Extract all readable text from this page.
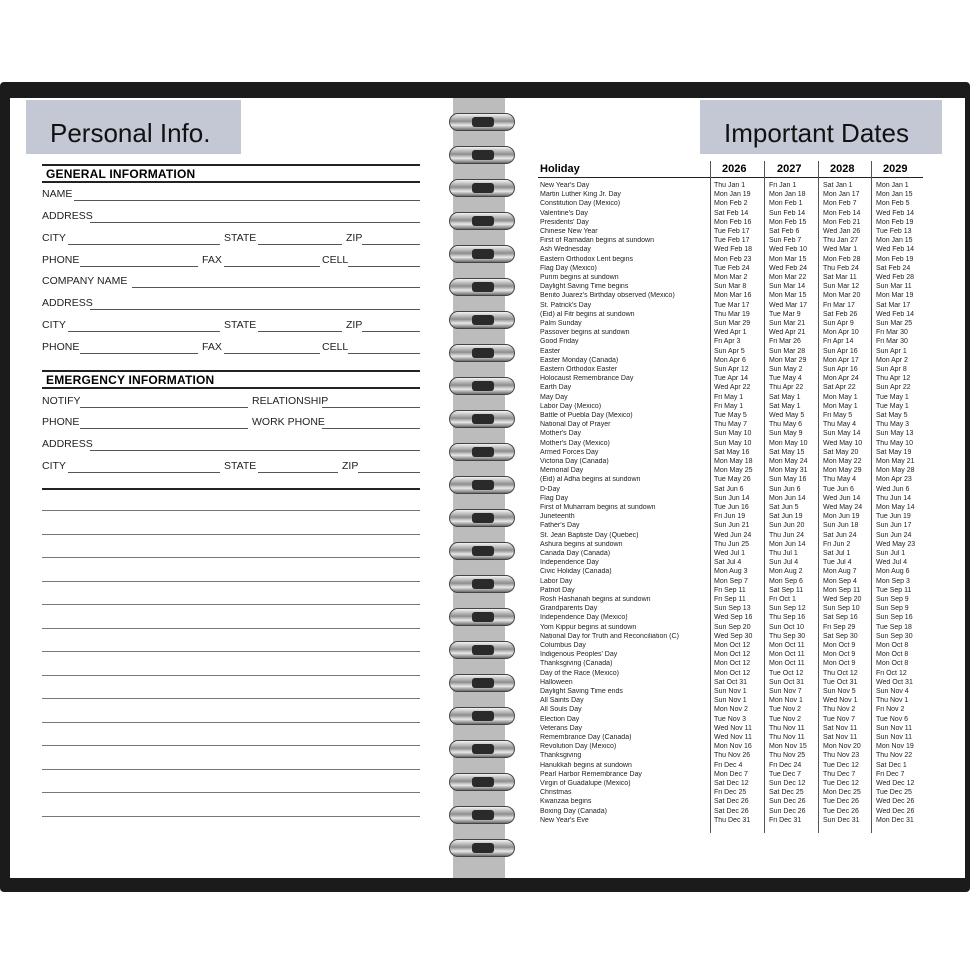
Personal Info.
GENERAL INFORMATION
NAME
ADDRESS
CITY	STATE	ZIP
PHONE	FAX	CELL
COMPANY NAME
ADDRESS
CITY	STATE	ZIP
PHONE	FAX	CELL
EMERGENCY INFORMATION
NOTIFY	RELATIONSHIP
PHONE	WORK PHONE
ADDRESS
CITY	STATE	ZIP
Important Dates
Holiday	2026	2027	2028	2029
New Year's Day	Thu Jan 1	Fri Jan 1	Sat Jan 1	Mon Jan 1
Martin Luther King Jr. Day	Mon Jan 19	Mon Jan 18	Mon Jan 17	Mon Jan 15
Constitution Day (Mexico)	Mon Feb 2	Mon Feb 1	Mon Feb 7	Mon Feb 5
Valentine's Day	Sat Feb 14	Sun Feb 14	Mon Feb 14	Wed Feb 14
Presidents' Day	Mon Feb 16	Mon Feb 15	Mon Feb 21	Mon Feb 19
Chinese New Year	Tue Feb 17	Sat Feb 6	Wed Jan 26	Tue Feb 13
First of Ramadan begins at sundown	Tue Feb 17	Sun Feb 7	Thu Jan 27	Mon Jan 15
Ash Wednesday	Wed Feb 18	Wed Feb 10	Wed Mar 1	Wed Feb 14
Eastern Orthodox Lent begins	Mon Feb 23	Mon Mar 15	Mon Feb 28	Mon Feb 19
Flag Day (Mexico)	Tue Feb 24	Wed Feb 24	Thu Feb 24	Sat Feb 24
Purim begins at sundown	Mon Mar 2	Mon Mar 22	Sat Mar 11	Wed Feb 28
Daylight Saving Time begins	Sun Mar 8	Sun Mar 14	Sun Mar 12	Sun Mar 11
Benito Juarez's Birthday observed (Mexico)	Mon Mar 16	Mon Mar 15	Mon Mar 20	Mon Mar 19
St. Patrick's Day	Tue Mar 17	Wed Mar 17	Fri Mar 17	Sat Mar 17
(Eid) al Fitr begins at sundown	Thu Mar 19	Tue Mar 9	Sat Feb 26	Wed Feb 14
Palm Sunday	Sun Mar 29	Sun Mar 21	Sun Apr 9	Sun Mar 25
Passover begins at sundown	Wed Apr 1	Wed Apr 21	Mon Apr 10	Fri Mar 30
Good Friday	Fri Apr 3	Fri Mar 26	Fri Apr 14	Fri Mar 30
Easter	Sun Apr 5	Sun Mar 28	Sun Apr 16	Sun Apr 1
Easter Monday (Canada)	Mon Apr 6	Mon Mar 29	Mon Apr 17	Mon Apr 2
Eastern Orthodox Easter	Sun Apr 12	Sun May 2	Sun Apr 16	Sun Apr 8
Holocaust Remembrance Day	Tue Apr 14	Tue May 4	Mon Apr 24	Thu Apr 12
Earth Day	Wed Apr 22	Thu Apr 22	Sat Apr 22	Sun Apr 22
May Day	Fri May 1	Sat May 1	Mon May 1	Tue May 1
Labor Day (Mexico)	Fri May 1	Sat May 1	Mon May 1	Tue May 1
Battle of Puebla Day (Mexico)	Tue May 5	Wed May 5	Fri May 5	Sat May 5
National Day of Prayer	Thu May 7	Thu May 6	Thu May 4	Thu May 3
Mother's Day	Sun May 10	Sun May 9	Sun May 14	Sun May 13
Mother's Day (Mexico)	Sun May 10	Mon May 10	Wed May 10	Thu May 10
Armed Forces Day	Sat May 16	Sat May 15	Sat May 20	Sat May 19
Victoria Day (Canada)	Mon May 18	Mon May 24	Mon May 22	Mon May 21
Memorial Day	Mon May 25	Mon May 31	Mon May 29	Mon May 28
(Eid) al Adha begins at sundown	Tue May 26	Sun May 16	Thu May 4	Mon Apr 23
D-Day	Sat Jun 6	Sun Jun 6	Tue Jun 6	Wed Jun 6
Flag Day	Sun Jun 14	Mon Jun 14	Wed Jun 14	Thu Jun 14
First of Muharram begins at sundown	Tue Jun 16	Sat Jun 5	Wed May 24	Mon May 14
Juneteenth	Fri Jun 19	Sat Jun 19	Mon Jun 19	Tue Jun 19
Father's Day	Sun Jun 21	Sun Jun 20	Sun Jun 18	Sun Jun 17
St. Jean Baptiste Day (Quebec)	Wed Jun 24	Thu Jun 24	Sat Jun 24	Sun Jun 24
Ashura begins at sundown	Thu Jun 25	Mon Jun 14	Fri Jun 2	Wed May 23
Canada Day (Canada)	Wed Jul 1	Thu Jul 1	Sat Jul 1	Sun Jul 1
Independence Day	Sat Jul 4	Sun Jul 4	Tue Jul 4	Wed Jul 4
Civic Holiday (Canada)	Mon Aug 3	Mon Aug 2	Mon Aug 7	Mon Aug 6
Labor Day	Mon Sep 7	Mon Sep 6	Mon Sep 4	Mon Sep 3
Patriot Day	Fri Sep 11	Sat Sep 11	Mon Sep 11	Tue Sep 11
Rosh Hashanah begins at sundown	Fri Sep 11	Fri Oct 1	Wed Sep 20	Sun Sep 9
Grandparents Day	Sun Sep 13	Sun Sep 12	Sun Sep 10	Sun Sep 9
Independence Day (Mexico)	Wed Sep 16	Thu Sep 16	Sat Sep 16	Sun Sep 16
Yom Kippur begins at sundown	Sun Sep 20	Sun Oct 10	Fri Sep 29	Tue Sep 18
National Day for Truth and Reconciliation (C)	Wed Sep 30	Thu Sep 30	Sat Sep 30	Sun Sep 30
Columbus Day	Mon Oct 12	Mon Oct 11	Mon Oct 9	Mon Oct 8
Indigenous Peoples' Day	Mon Oct 12	Mon Oct 11	Mon Oct 9	Mon Oct 8
Thanksgiving (Canada)	Mon Oct 12	Mon Oct 11	Mon Oct 9	Mon Oct 8
Day of the Race (Mexico)	Mon Oct 12	Tue Oct 12	Thu Oct 12	Fri Oct 12
Halloween	Sat Oct 31	Sun Oct 31	Tue Oct 31	Wed Oct 31
Daylight Saving Time ends	Sun Nov 1	Sun Nov 7	Sun Nov 5	Sun Nov 4
All Saints Day	Sun Nov 1	Mon Nov 1	Wed Nov 1	Thu Nov 1
All Souls Day	Mon Nov 2	Tue Nov 2	Thu Nov 2	Fri Nov 2
Election Day	Tue Nov 3	Tue Nov 2	Tue Nov 7	Tue Nov 6
Veterans Day	Wed Nov 11	Thu Nov 11	Sat Nov 11	Sun Nov 11
Remembrance Day (Canada)	Wed Nov 11	Thu Nov 11	Sat Nov 11	Sun Nov 11
Revolution Day (Mexico)	Mon Nov 16	Mon Nov 15	Mon Nov 20	Mon Nov 19
Thanksgiving	Thu Nov 26	Thu Nov 25	Thu Nov 23	Thu Nov 22
Hanukkah begins at sundown	Fri Dec 4	Fri Dec 24	Tue Dec 12	Sat Dec 1
Pearl Harbor Remembrance Day	Mon Dec 7	Tue Dec 7	Thu Dec 7	Fri Dec 7
Virgin of Guadalupe (Mexico)	Sat Dec 12	Sun Dec 12	Tue Dec 12	Wed Dec 12
Christmas	Fri Dec 25	Sat Dec 25	Mon Dec 25	Tue Dec 25
Kwanzaa begins	Sat Dec 26	Sun Dec 26	Tue Dec 26	Wed Dec 26
Boxing Day (Canada)	Sat Dec 26	Sun Dec 26	Tue Dec 26	Wed Dec 26
New Year's Eve	Thu Dec 31	Fri Dec 31	Sun Dec 31	Mon Dec 31
